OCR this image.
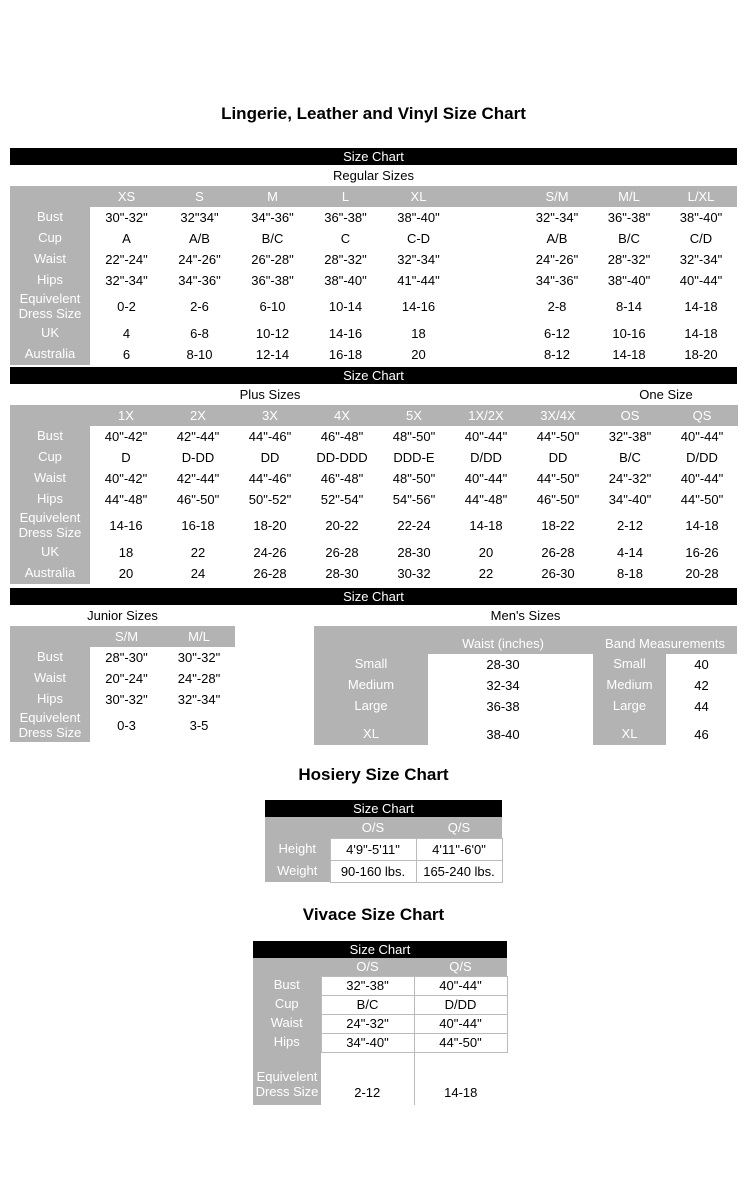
Lingerie, Leather and Vinyl Size Chart
Size Chart
Regular Sizes									
	XS	S	M	L	XL		S/M	M/L	L/XL
Bust	30"-32"	32"34"	34"-36"	36"-38"	38"-40"		32"-34"	36"-38"	38"-40"
Cup	A	A/B	B/C	C	C-D		A/B	B/C	C/D
Waist	22"-24"	24"-26"	26"-28"	28"-32"	32"-34"		24"-26"	28"-32"	32"-34"
Hips	32"-34"	34"-36"	36"-38"	38"-40"	41"-44"		34"-36"	38"-40"	40"-44"
Equivelent Dress Size	0-2	2-6	6-10	10-14	14-16		2-8	8-14	14-18
UK	4	6-8	10-12	14-16	18		6-12	10-16	14-18
Australia	6	8-10	12-14	16-18	20		8-12	14-18	18-20
Size Chart
	Plus Sizes							One Size	
	1X	2X	3X	4X	5X	1X/2X	3X/4X	OS	QS
Bust	40"-42"	42"-44"	44"-46"	46"-48"	48"-50"	40"-44"	44"-50"	32"-38"	40"-44"
Cup	D	D-DD	DD	DD-DDD	DDD-E	D/DD	DD	B/C	D/DD
Waist	40"-42"	42"-44"	44"-46"	46"-48"	48"-50"	40"-44"	44"-50"	24"-32"	40"-44"
Hips	44"-48"	46"-50"	50"-52"	52"-54"	54"-56"	44"-48"	46"-50"	34"-40"	44"-50"
Equivelent Dress Size	14-16	16-18	18-20	20-22	22-24	14-18	18-22	2-12	14-18
UK	18	22	24-26	26-28	28-30	20	26-28	4-14	16-26
Australia	20	24	26-28	28-30	30-32	22	26-30	8-18	20-28
Size Chart
Junior Sizes	Men's Sizes
	S/M	M/L
Bust	28"-30"	30"-32"
Waist	20"-24"	24"-28"
Hips	30"-32"	32"-34"
Equivelent Dress Size	0-3	3-5
	Waist (inches)		Band Measurements	
Small	28-30		Small	40
Medium	32-34		Medium	42
Large	36-38		Large	44
XL	38-40		XL	46
Hosiery Size Chart
Size Chart
	O/S	Q/S
Height	4'9"-5'11"	4'11"-6'0"
Weight	90-160 lbs.	165-240 lbs.
Vivace Size Chart
Size Chart
	O/S	Q/S
Bust	32"-38"	40"-44"
Cup	B/C	D/DD
Waist	24"-32"	40"-44"
Hips	34"-40"	44"-50"
Equivelent Dress Size	2-12	14-18
